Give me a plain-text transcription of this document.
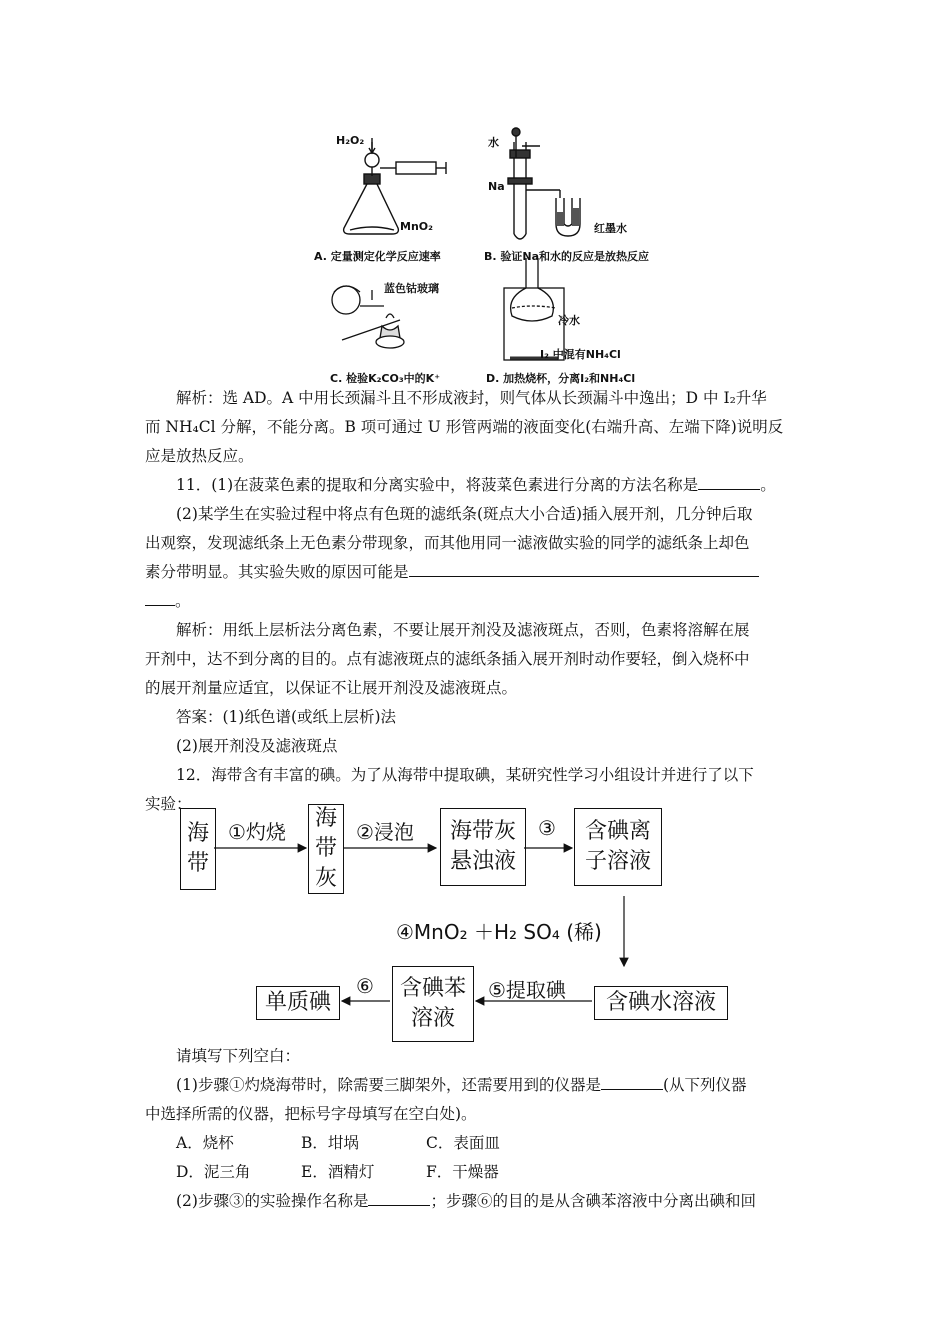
H₂O₂
MnO₂
A. 定量测定化学反应速率
水
Na
红墨水
B. 验证Na和水的反应是放热反应
蓝色钴玻璃
C. 检验K₂CO₃中的K⁺
冷水
I₂ 中混有NH₄Cl
D. 加热烧杯，分离I₂和NH₄Cl

解析：选 AD。A 中用长颈漏斗且不形成液封，则气体从长颈漏斗中逸出；D 中 I₂升华

而 NH₄Cl 分解，不能分离。B 项可通过 U 形管两端的液面变化(右端升高、左端下降)说明反

应是放热反应。

11．(1)在菠菜色素的提取和分离实验中，将菠菜色素进行分离的方法名称是	。

(2)某学生在实验过程中将点有色斑的滤纸条(斑点大小合适)插入展开剂，几分钟后取

出观察，发现滤纸条上无色素分带现象，而其他用同一滤液做实验的同学的滤纸条上却色

素分带明显。其实验失败的原因可能是

。

解析：用纸上层析法分离色素，不要让展开剂没及滤液斑点，否则，色素将溶解在展

开剂中，达不到分离的目的。点有滤液斑点的滤纸条插入展开剂时动作要轻，倒入烧杯中

的展开剂量应适宜，以保证不让展开剂没及滤液斑点。

答案：(1)纸色谱(或纸上层析)法

(2)展开剂没及滤液斑点

12．海带含有丰富的碘。为了从海带中提取碘，某研究性学习小组设计并进行了以下

实验：

海
带
①灼烧
海
带
灰
②浸泡	海带灰
悬浊液
③	含碘离
子溶液
④MnO₂ ＋H₂ SO₄ (稀)
含碘水溶液
⑤提取碘
含碘苯
溶液
⑥
单质碘

请填写下列空白：

(1)步骤①灼烧海带时，除需要三脚架外，还需要用到的仪器是	(从下列仪器

中选择所需的仪器，把标号字母填写在空白处)。

A．烧杯	B．坩埚	C．表面皿

D．泥三角	E．酒精灯	F．干燥器

(2)步骤③的实验操作名称是	；步骤⑥的目的是从含碘苯溶液中分离出碘和回
